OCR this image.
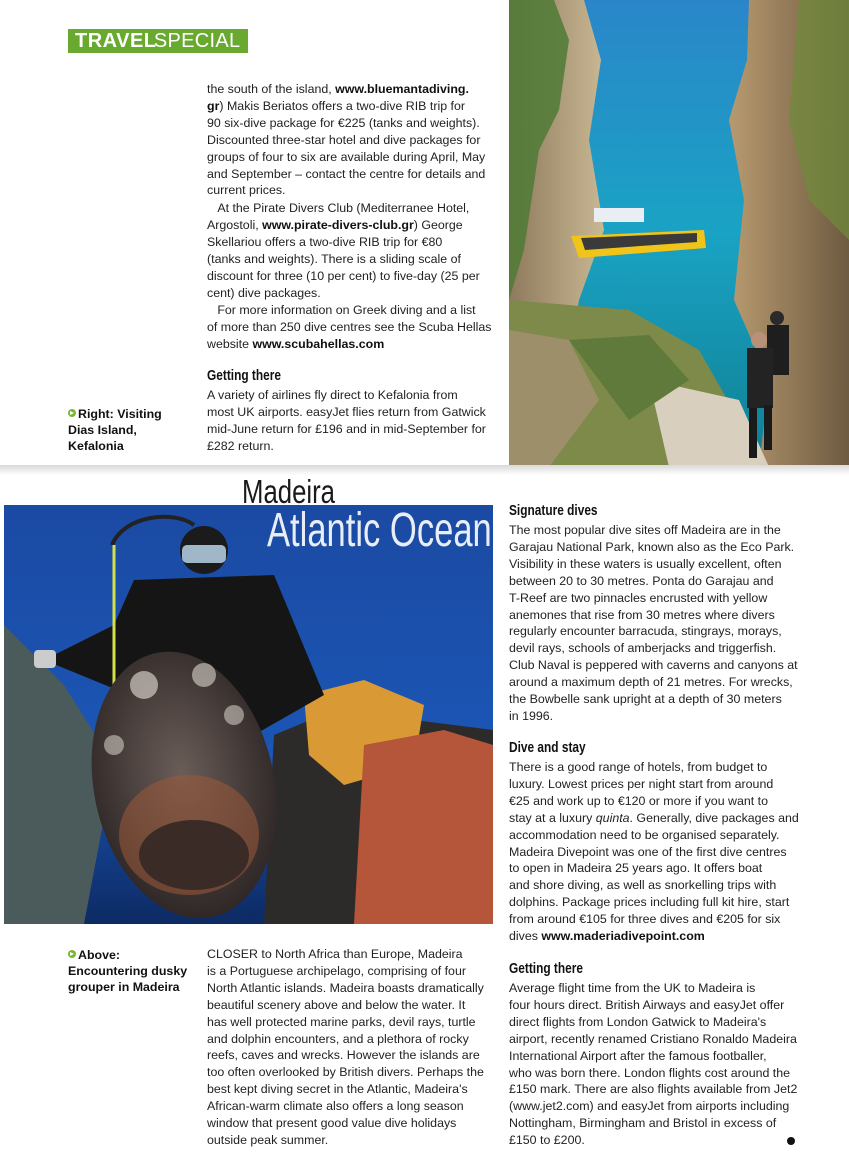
TRAVEL
SPECIAL
the south of the island, www.bluemantadiving.
gr) Makis Beriatos offers a two-dive RIB trip for
90 six-dive package for €225 (tanks and weights).
Discounted three-star hotel and dive packages for
groups of four to six are available during April, May
and September – contact the centre for details and
current prices.
At the Pirate Divers Club (Mediterranee Hotel,
Argostoli, www.pirate-divers-club.gr) George
Skellariou offers a two-dive RIB trip for €80
(tanks and weights). There is a sliding scale of
discount for three (10 per cent) to five-day (25 per
cent) dive packages.
For more information on Greek diving and a list
of more than 250 dive centres see the Scuba Hellas
website www.scubahellas.com
Getting there
A variety of airlines fly direct to Kefalonia from
most UK airports. easyJet flies return from Gatwick
mid-June return for £196 and in mid-September for
£282 return.
Right: Visiting
Dias Island,
Kefalonia
Madeira
Atlantic Ocean
Above:
Encountering dusky
grouper in Madeira
CLOSER to North Africa than Europe, Madeira
is a Portuguese archipelago, comprising of four
North Atlantic islands. Madeira boasts dramatically
beautiful scenery above and below the water. It
has well protected marine parks, devil rays, turtle
and dolphin encounters, and a plethora of rocky
reefs, caves and wrecks. However the islands are
too often overlooked by British divers. Perhaps the
best kept diving secret in the Atlantic, Madeira's
African-warm climate also offers a long season
window that present good value dive holidays
outside peak summer.
Signature dives
The most popular dive sites off Madeira are in the
Garajau National Park, known also as the Eco Park.
Visibility in these waters is usually excellent, often
between 20 to 30 metres. Ponta do Garajau and
T-Reef are two pinnacles encrusted with yellow
anemones that rise from 30 metres where divers
regularly encounter barracuda, stingrays, morays,
devil rays, schools of amberjacks and triggerfish.
Club Naval is peppered with caverns and canyons at
around a maximum depth of 21 metres. For wrecks,
the Bowbelle sank upright at a depth of 30 meters
in 1996.
Dive and stay
There is a good range of hotels, from budget to
luxury. Lowest prices per night start from around
€25 and work up to €120 or more if you want to
stay at a luxury quinta. Generally, dive packages and
accommodation need to be organised separately.
Madeira Divepoint was one of the first dive centres
to open in Madeira 25 years ago. It offers boat
and shore diving, as well as snorkelling trips with
dolphins. Package prices including full kit hire, start
from around €105 for three dives and €205 for six
dives www.maderiadivepoint.com
Getting there
Average flight time from the UK to Madeira is
four hours direct. British Airways and easyJet offer
direct flights from London Gatwick to Madeira's
airport, recently renamed Cristiano Ronaldo Madeira
International Airport after the famous footballer,
who was born there. London flights cost around the
£150 mark. There are also flights available from Jet2
(www.jet2.com) and easyJet from airports including
Nottingham, Birmingham and Bristol in excess of
£150 to £200.
